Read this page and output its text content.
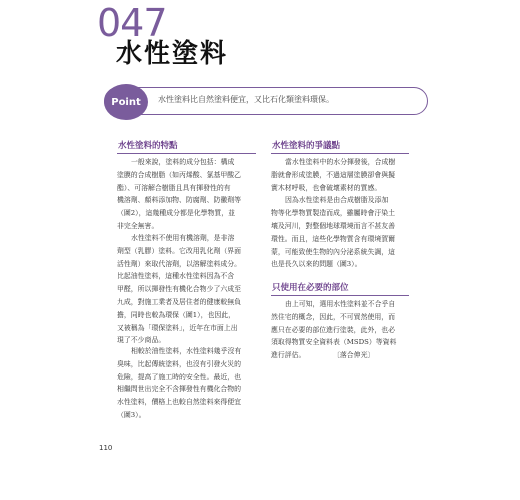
047
水性塗料
Point	水性塗料比自然塗料便宜，又比石化類塗料環保。
水性塗料的特點
一般來說，塗料的成分包括：構成
塗膜的合成樹脂（如丙烯酸、氯基甲酸乙
酯）、可溶解合樹脂且具有揮發性的有
機溶劑、顏料添加物、防腐劑、防黴劑等
（圖2），這幾種成分都是化學物質，並
非完全無害。
水性塗料不使用有機溶劑，是非溶
劑型（乳膠）塗料。它改用乳化劑（界面
活性劑）來取代溶劑，以溶解塗料成分。
比起油性塗料，這種水性塗料因為不含
甲醛，所以揮發性有機化合物少了六成至
九成，對施工業者及居住者的健康較無負
擔，同時也較為環保（圖1），也因此，
又被稱為「環保塗料」，近年在市面上出
現了不少商品。
相較於油性塗料，水性塗料幾乎沒有
臭味，比起傳統塗料，也沒有引發火災的
危險，提高了施工時的安全性。最近，也
相繼問世出完全不含揮發性有機化合物的
水性塗料，價格上也較自然塗料來得便宜
（圖3）。
水性塗料的爭議點
當水性塗料中的水分揮發後，合成樹
脂就會形成塗膜，不過這層塗膜卻會與擬
實木材呼吸，也會破壞素材的質感。
因為水性塗料是由合成樹脂及添加
物等化學物質製造而成，雖屬時會汙染土
壤及河川，對整個地球環境而言不甚友善
環性。而且，這些化學物質含有環境賀爾
蒙，可能致使生物的內分泌系統失調，這
也是長久以來的問題（圖3）。
只使用在必要的部位
由上可知，選用水性塗料並不合乎自
然住宅的概念，因此，不可貿然使用，而
應只在必要的部位進行塗裝，此外，也必
須取得物質安全資料表（MSDS）等資料
進行評估。　　　　　〔落合伸光〕
110
